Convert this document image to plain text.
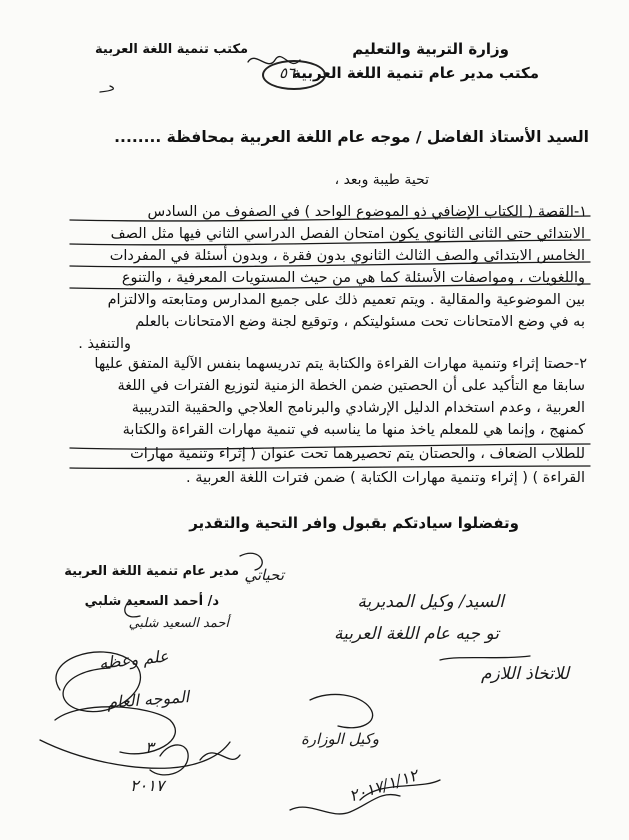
وزارة التربية والتعليم
مكتب مدير عام تنمية اللغة العربية
مكتب تنمية اللغة العربية
٥٦
السيد الأستاذ الفاضل / موجه عام اللغة العربية بمحافظة ........
تحية طيبة وبعد ،
١-القصة ( الكتاب الإضافي ذو الموضوع الواحد ) في الصفوف من السادس
الابتدائي حتى الثاني الثانوي يكون امتحان الفصل الدراسي الثاني فيها مثل الصف
الخامس الابتدائي والصف الثالث الثانوي بدون فقرة ، وبدون أسئلة في المفردات
واللغويات ، ومواصفات الأسئلة كما هي من حيث المستويات المعرفية ، والتنوع
بين الموضوعية والمقالية . ويتم تعميم ذلك على جميع المدارس ومتابعته والالتزام
به في وضع الامتحانات تحت مسئوليتكم ، وتوقيع لجنة وضع الامتحانات بالعلم
والتنفيذ .
٢-حصتا إثراء وتنمية مهارات القراءة والكتابة يتم تدريسهما بنفس الآلية المتفق عليها
سابقا مع التأكيد على أن الحصتين ضمن الخطة الزمنية لتوزيع الفترات في اللغة
العربية ، وعدم استخدام الدليل الإرشادي والبرنامج العلاجي والحقيبة التدريبية
كمنهج ، وإنما هي للمعلم ياخذ منها ما يناسبه في تنمية مهارات القراءة والكتابة
للطلاب الضعاف ، والحصتان يتم تحصيرهما تحت عنوان ( إثراء وتنمية مهارات
القراءة ) ( إثراء وتنمية مهارات الكتابة ) ضمن فترات اللغة العربية .
وتفضلوا سيادتكم بقبول وافر التحية والتقدير
مدير عام تنمية اللغة العربية
د/ أحمد السعيد شلبي
أحمد السعيد شلبي
تحياتي
السيد/ وكيل المديرية
تو جيه عام اللغة العربية
للاتخاذ اللازم
وكيل الوزارة
٢٠١٧/١/١٢
علم وعظه
الموجه العام
٣
٢٠١٧
